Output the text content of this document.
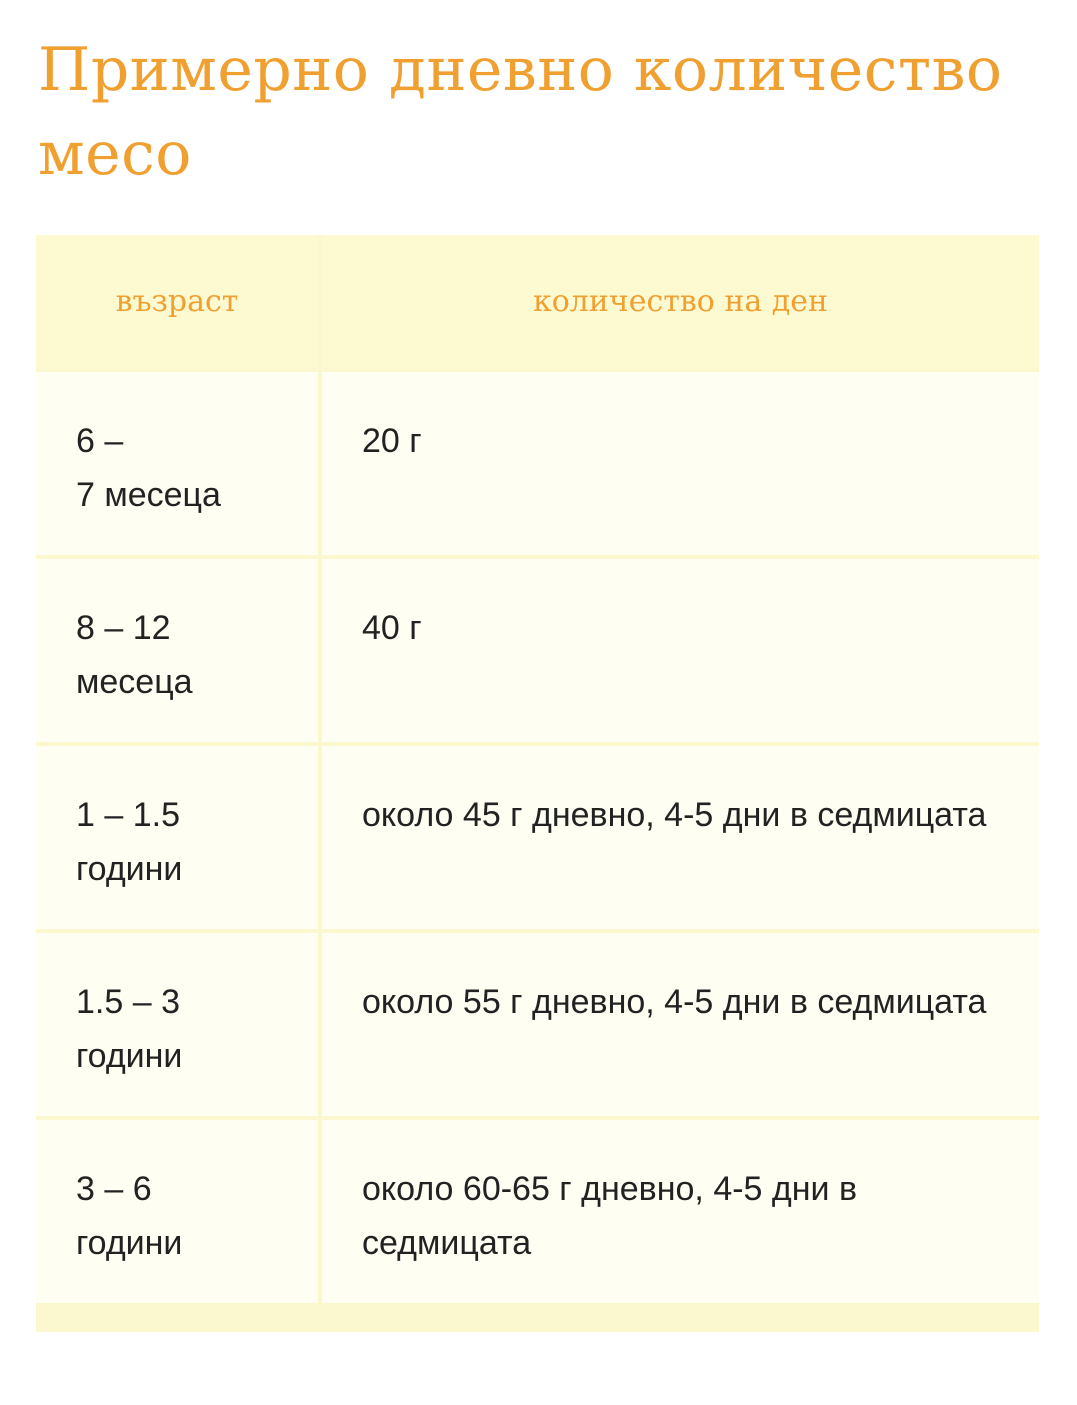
Примерно дневно количество месо
възраст	количество на ден

6 –
7 месеца	20 г

8 – 12
месеца	40 г

1 – 1.5
години	около 45 г дневно, 4-5 дни в седмицата

1.5 – 3
години	около 55 г дневно, 4-5 дни в седмицата

3 – 6
години	около 60-65 г дневно, 4-5 дни в седмицата
